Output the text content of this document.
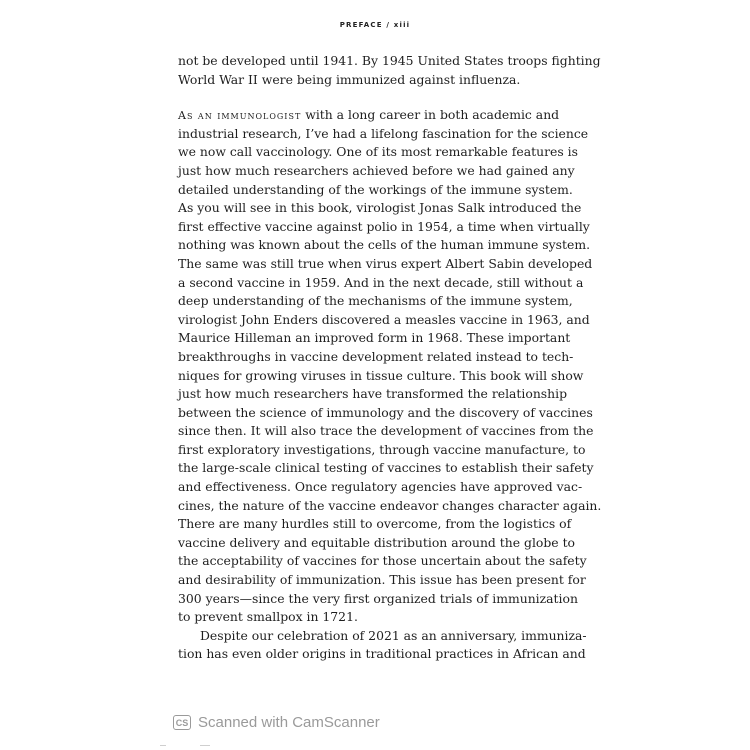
PREFACE / xiii
not be developed until 1941. By 1945 United States troops fighting
World War II were being immunized against influenza.
As an immunologist with a long career in both academic and
industrial research, I’ve had a lifelong fascination for the science
we now call vaccinology. One of its most remarkable features is
just how much researchers achieved before we had gained any
detailed understanding of the workings of the immune system.
As you will see in this book, virologist Jonas Salk introduced the
first effective vaccine against polio in 1954, a time when virtually
nothing was known about the cells of the human immune system.
The same was still true when virus expert Albert Sabin developed
a second vaccine in 1959. And in the next decade, still without a
deep understanding of the mechanisms of the immune system,
virologist John Enders discovered a measles vaccine in 1963, and
Maurice Hilleman an improved form in 1968. These important
breakthroughs in vaccine development related instead to tech-
niques for growing viruses in tissue culture. This book will show
just how much researchers have transformed the relationship
between the science of immunology and the discovery of vaccines
since then. It will also trace the development of vaccines from the
first exploratory investigations, through vaccine manufacture, to
the large-scale clinical testing of vaccines to establish their safety
and effectiveness. Once regulatory agencies have approved vac-
cines, the nature of the vaccine endeavor changes character again.
There are many hurdles still to overcome, from the logistics of
vaccine delivery and equitable distribution around the globe to
the acceptability of vaccines for those uncertain about the safety
and desirability of immunization. This issue has been present for
300 years—since the very first organized trials of immunization
to prevent smallpox in 1721.
Despite our celebration of 2021 as an anniversary, immuniza-
tion has even older origins in traditional practices in African and
CS Scanned with CamScanner
